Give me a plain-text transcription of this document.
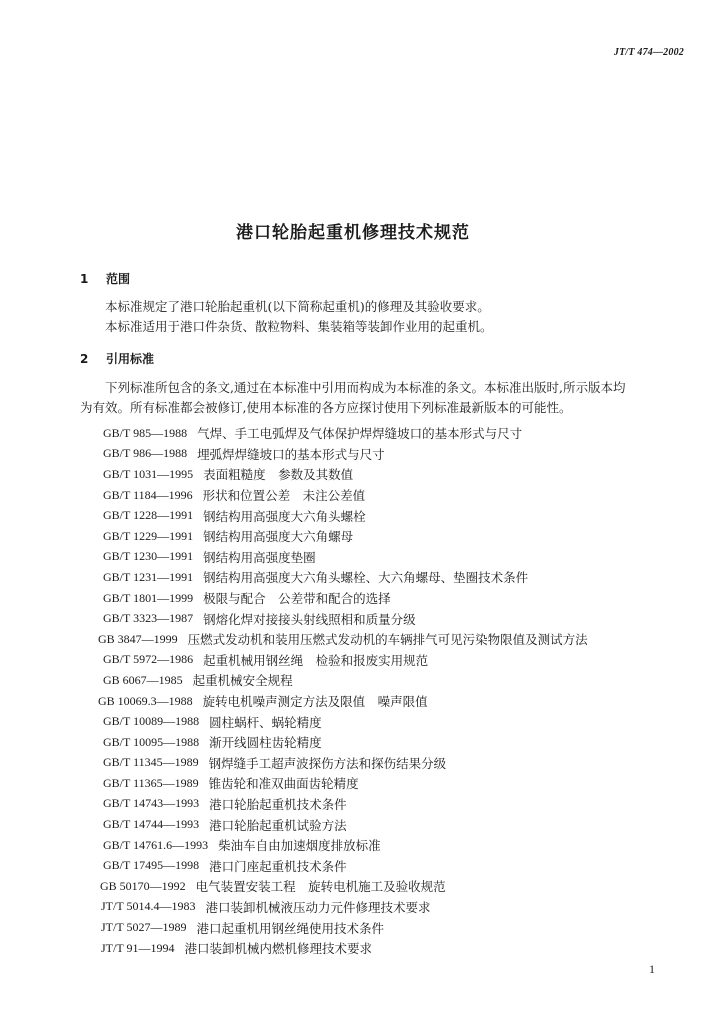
JT/T 474—2002
港口轮胎起重机修理技术规范
1 范围
本标准规定了港口轮胎起重机(以下简称起重机)的修理及其验收要求。
本标准适用于港口件杂货、散粒物料、集装箱等装卸作业用的起重机。
2 引用标准
下列标准所包含的条文,通过在本标准中引用而构成为本标准的条文。本标准出版时,所示版本均
为有效。所有标准都会被修订,使用本标准的各方应探讨使用下列标准最新版本的可能性。
GB/T 985—1988 气焊、手工电弧焊及气体保护焊焊缝坡口的基本形式与尺寸
GB/T 986—1988 埋弧焊焊缝坡口的基本形式与尺寸
GB/T 1031—1995 表面粗糙度　参数及其数值
GB/T 1184—1996 形状和位置公差　未注公差值
GB/T 1228—1991 钢结构用高强度大六角头螺栓
GB/T 1229—1991 钢结构用高强度大六角螺母
GB/T 1230—1991 钢结构用高强度垫圈
GB/T 1231—1991 钢结构用高强度大六角头螺栓、大六角螺母、垫圈技术条件
GB/T 1801—1999 极限与配合　公差带和配合的选择
GB/T 3323—1987 钢熔化焊对接接头射线照相和质量分级
GB 3847—1999 压燃式发动机和装用压燃式发动机的车辆排气可见污染物限值及测试方法
GB/T 5972—1986 起重机械用钢丝绳　检验和报废实用规范
GB 6067—1985 起重机械安全规程
GB 10069.3—1988 旋转电机噪声测定方法及限值　噪声限值
GB/T 10089—1988 圆柱蜗杆、蜗轮精度
GB/T 10095—1988 渐开线圆柱齿轮精度
GB/T 11345—1989 钢焊缝手工超声波探伤方法和探伤结果分级
GB/T 11365—1989 锥齿轮和准双曲面齿轮精度
GB/T 14743—1993 港口轮胎起重机技术条件
GB/T 14744—1993 港口轮胎起重机试验方法
GB/T 14761.6—1993 柴油车自由加速烟度排放标准
GB/T 17495—1998 港口门座起重机技术条件
GB 50170—1992 电气装置安装工程　旋转电机施工及验收规范
JT/T 5014.4—1983 港口装卸机械液压动力元件修理技术要求
JT/T 5027—1989 港口起重机用钢丝绳使用技术条件
JT/T 91—1994 港口装卸机械内燃机修理技术要求
1
